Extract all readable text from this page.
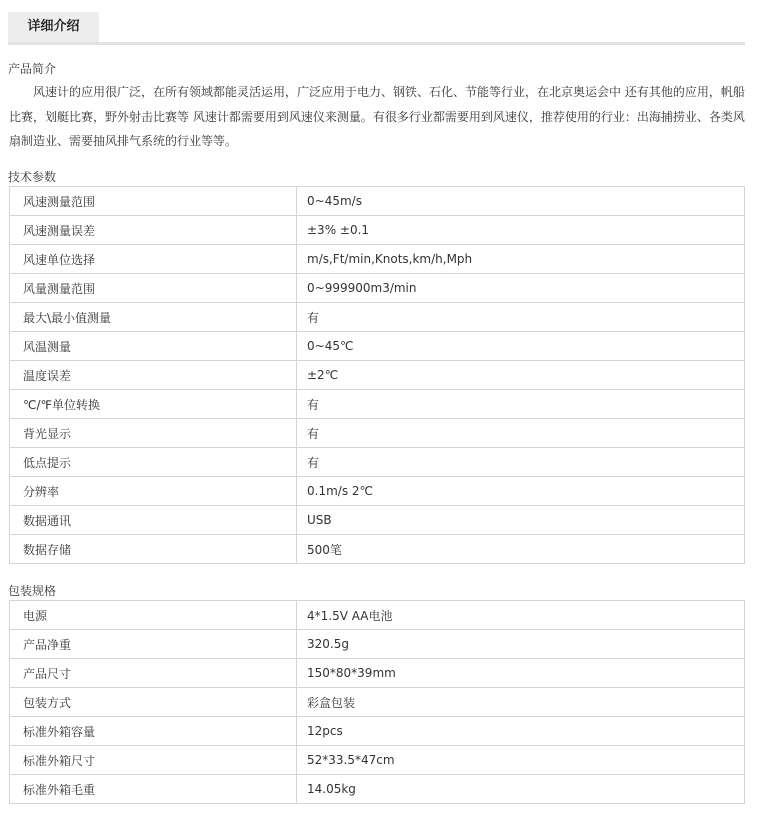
详细介绍
产品简介

风速计的应用很广泛，在所有领域都能灵活运用，广泛应用于电力、钢铁、石化、节能等行业，在北京奥运会中 还有其他的应用，帆船比赛，划艇比赛，野外射击比赛等 风速计都需要用到风速仪来测量。有很多行业都需要用到风速仪，推荐使用的行业：出海捕捞业、各类风扇制造业、需要抽风排气系统的行业等等。

技术参数
风速测量范围	0~45m/s
风速测量误差	±3% ±0.1
风速单位选择	m/s,Ft/min,Knots,km/h,Mph
风量测量范围	0~999900m3/min
最大\最小值测量	有
风温测量	0~45℃
温度误差	±2℃
℃/℉单位转换	有
背光显示	有
低点提示	有
分辨率	0.1m/s 2℃
数据通讯	USB
数据存储	500笔
包装规格
电源	4*1.5V AA电池
产品净重	320.5g
产品尺寸	150*80*39mm
包装方式	彩盒包装
标准外箱容量	12pcs
标准外箱尺寸	52*33.5*47cm
标准外箱毛重	14.05kg
